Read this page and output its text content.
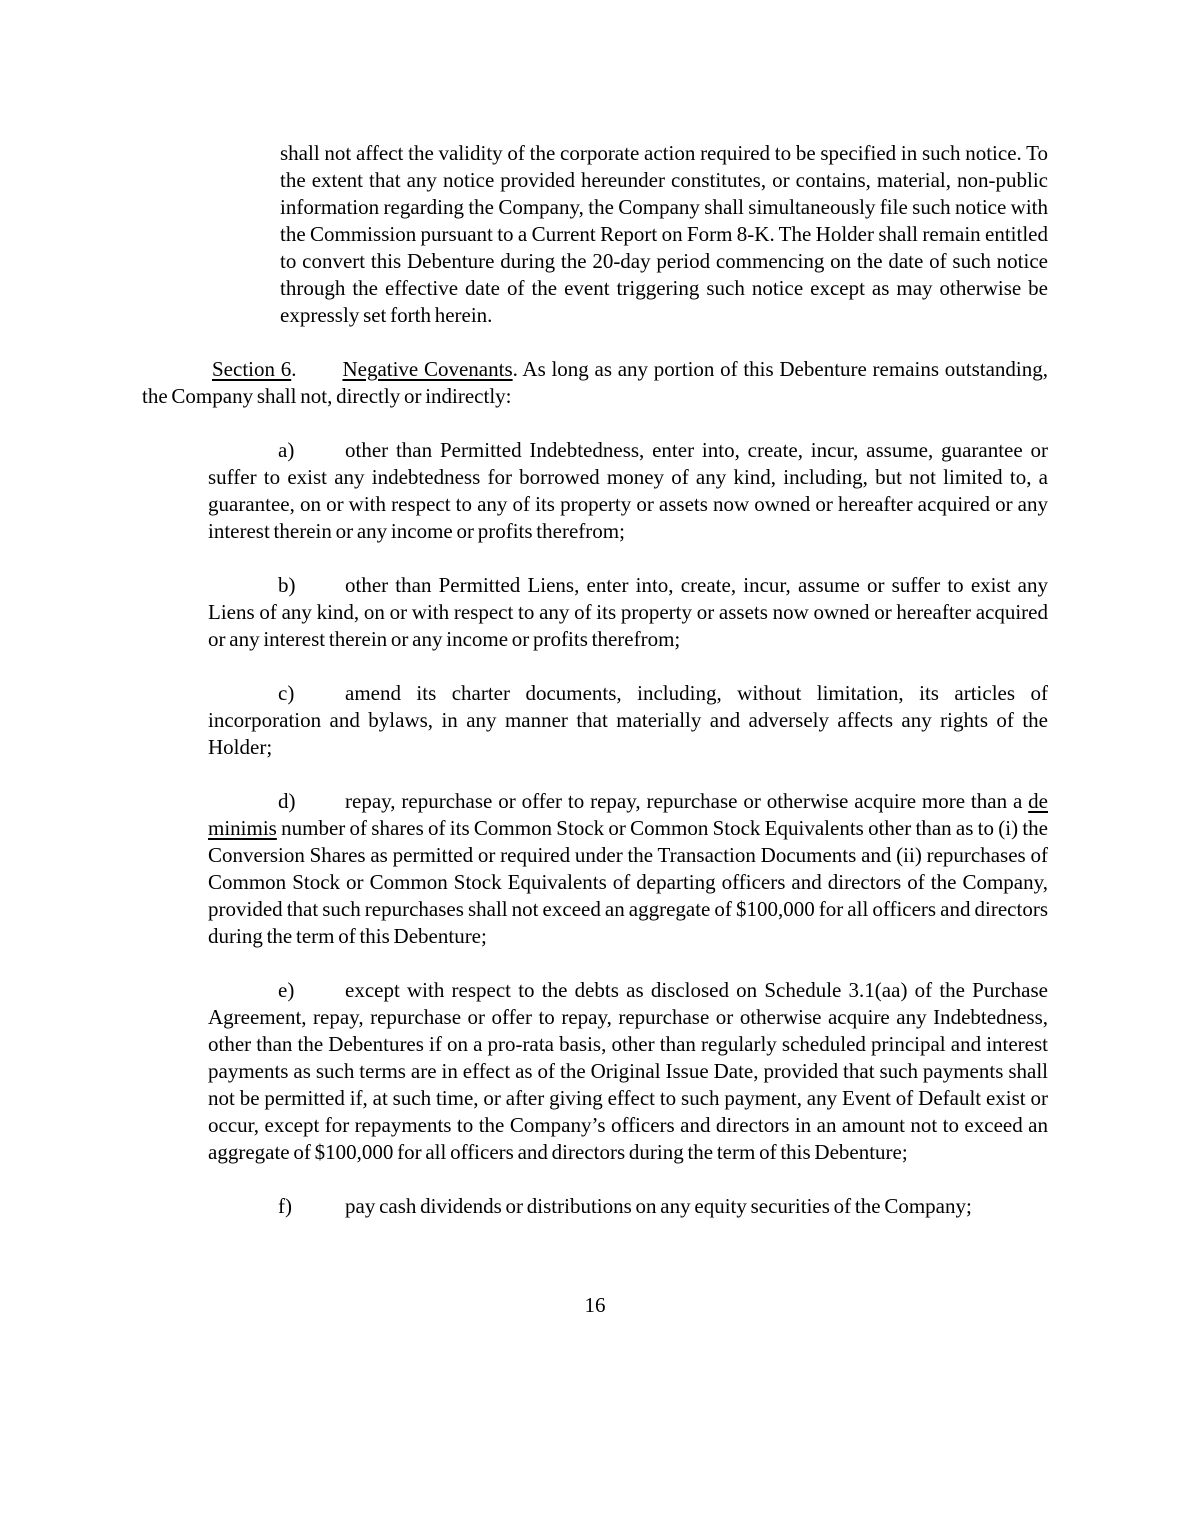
shall not affect the validity of the corporate action required to be specified in such notice. To the extent that any notice provided hereunder constitutes, or contains, material, non-public information regarding the Company, the Company shall simultaneously file such notice with the Commission pursuant to a Current Report on Form 8-K. The Holder shall remain entitled to convert this Debenture during the 20-day period commencing on the date of such notice through the effective date of the event triggering such notice except as may otherwise be expressly set forth herein.

Section 6. Negative Covenants. As long as any portion of this Debenture remains outstanding, the Company shall not, directly or indirectly:

a) other than Permitted Indebtedness, enter into, create, incur, assume, guarantee or suffer to exist any indebtedness for borrowed money of any kind, including, but not limited to, a guarantee, on or with respect to any of its property or assets now owned or hereafter acquired or any interest therein or any income or profits therefrom;

b) other than Permitted Liens, enter into, create, incur, assume or suffer to exist any Liens of any kind, on or with respect to any of its property or assets now owned or hereafter acquired or any interest therein or any income or profits therefrom;

c) amend its charter documents, including, without limitation, its articles of incorporation and bylaws, in any manner that materially and adversely affects any rights of the Holder;

d) repay, repurchase or offer to repay, repurchase or otherwise acquire more than a de minimis number of shares of its Common Stock or Common Stock Equivalents other than as to (i) the Conversion Shares as permitted or required under the Transaction Documents and (ii) repurchases of Common Stock or Common Stock Equivalents of departing officers and directors of the Company, provided that such repurchases shall not exceed an aggregate of $100,000 for all officers and directors during the term of this Debenture;

e) except with respect to the debts as disclosed on Schedule 3.1(aa) of the Purchase Agreement, repay, repurchase or offer to repay, repurchase or otherwise acquire any Indebtedness, other than the Debentures if on a pro-rata basis, other than regularly scheduled principal and interest payments as such terms are in effect as of the Original Issue Date, provided that such payments shall not be permitted if, at such time, or after giving effect to such payment, any Event of Default exist or occur, except for repayments to the Company’s officers and directors in an amount not to exceed an aggregate of $100,000 for all officers and directors during the term of this Debenture;

f)	pay cash dividends or distributions on any equity securities of the Company;

16
